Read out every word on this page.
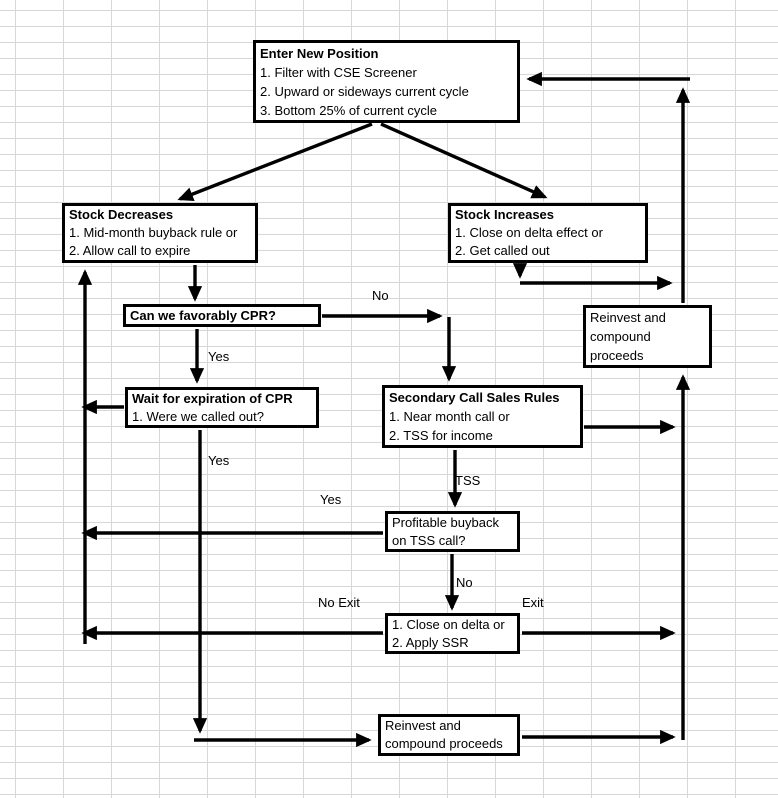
Enter New Position
1. Filter with CSE Screener
2. Upward or sideways current cycle
3. Bottom 25% of current cycle
Stock Decreases
1. Mid-month buyback rule or
2. Allow call to expire
Stock Increases
1. Close on delta effect or
2. Get called out
Can we favorably CPR?
Wait for expiration of CPR
1. Were we called out?
Secondary Call Sales Rules
1. Near month call or
2. TSS for income
Reinvest and
compound
proceeds
Profitable buyback
on TSS call?
1. Close on delta or
2. Apply SSR
Reinvest and
compound proceeds
No
Yes
Yes
TSS
Yes
No
No Exit	Exit
